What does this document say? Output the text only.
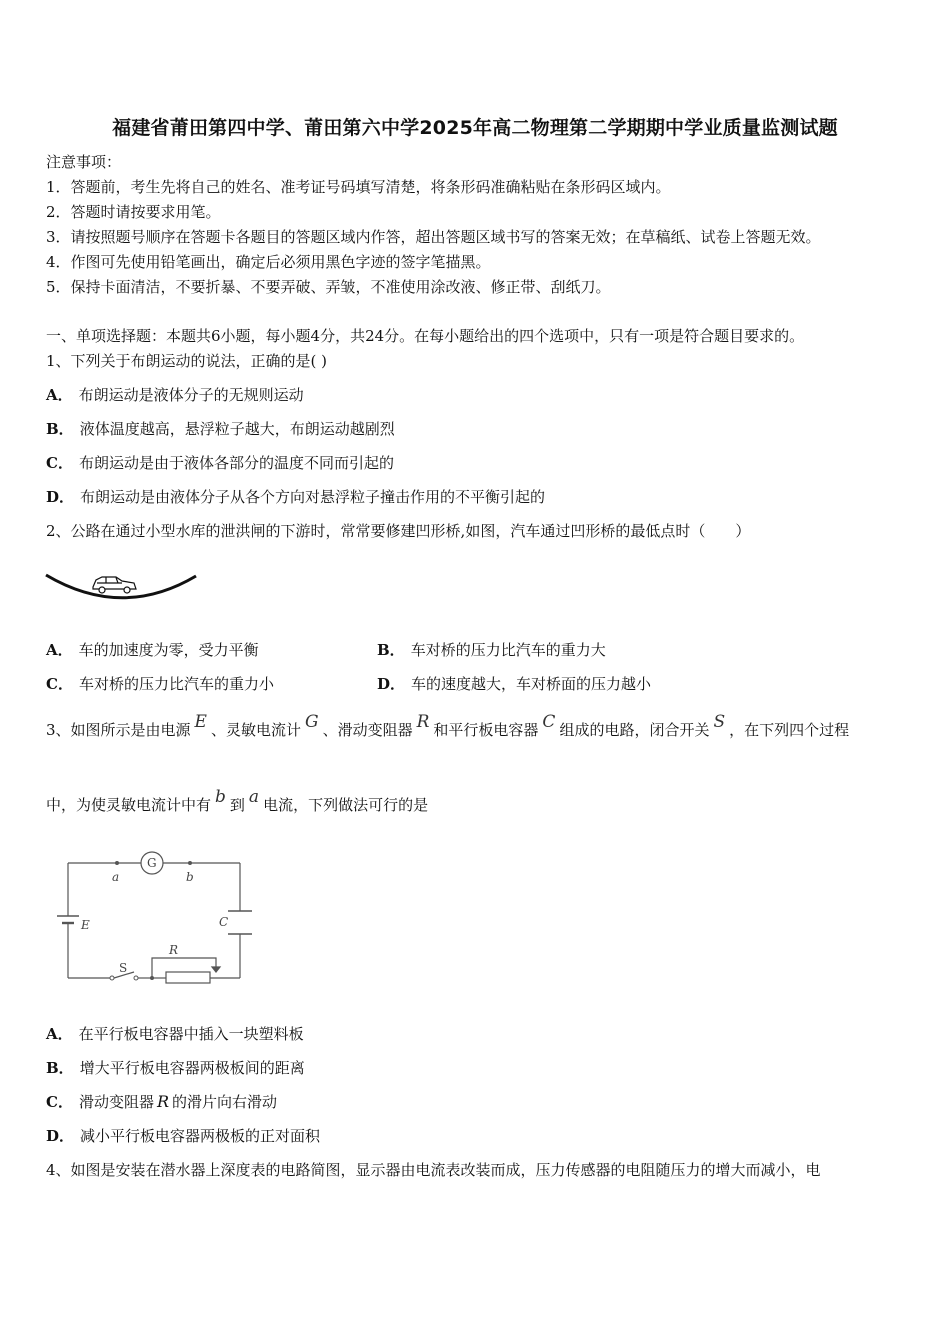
福建省莆田第四中学、莆田第六中学2025年高二物理第二学期期中学业质量监测试题
注意事项：
1．答题前，考生先将自己的姓名、准考证号码填写清楚，将条形码准确粘贴在条形码区域内。
2．答题时请按要求用笔。
3．请按照题号顺序在答题卡各题目的答题区域内作答，超出答题区域书写的答案无效；在草稿纸、试卷上答题无效。
4．作图可先使用铅笔画出，确定后必须用黑色字迹的签字笔描黑。
5．保持卡面清洁，不要折暴、不要弄破、弄皱，不准使用涂改液、修正带、刮纸刀。
一、单项选择题：本题共6小题，每小题4分，共24分。在每小题给出的四个选项中，只有一项是符合题目要求的。
1、下列关于布朗运动的说法，正确的是( )
A． 布朗运动是液体分子的无规则运动
B． 液体温度越高，悬浮粒子越大，布朗运动越剧烈
C． 布朗运动是由于液体各部分的温度不同而引起的
D． 布朗运动是由液体分子从各个方向对悬浮粒子撞击作用的不平衡引起的
2、公路在通过小型水库的泄洪闸的下游时，常常要修建凹形桥,如图，汽车通过凹形桥的最低点时（　　）
A． 车的加速度为零，受力平衡	B． 车对桥的压力比汽车的重力大
C． 车对桥的压力比汽车的重力小	D． 车的速度越大，车对桥面的压力越小
3、如图所示是由电源 E 、灵敏电流计 G 、滑动变阻器 R 和平行板电容器 C 组成的电路，闭合开关 S ，在下列四个过程
中，为使灵敏电流计中有 b 到 a 电流，下列做法可行的是
G
a	b
E	C
R
S
A． 在平行板电容器中插入一块塑料板
B． 增大平行板电容器两极板间的距离
C． 滑动变阻器 R 的滑片向右滑动
D． 减小平行板电容器两极板的正对面积
4、如图是安装在潜水器上深度表的电路简图，显示器由电流表改装而成，压力传感器的电阻随压力的增大而减小，电
